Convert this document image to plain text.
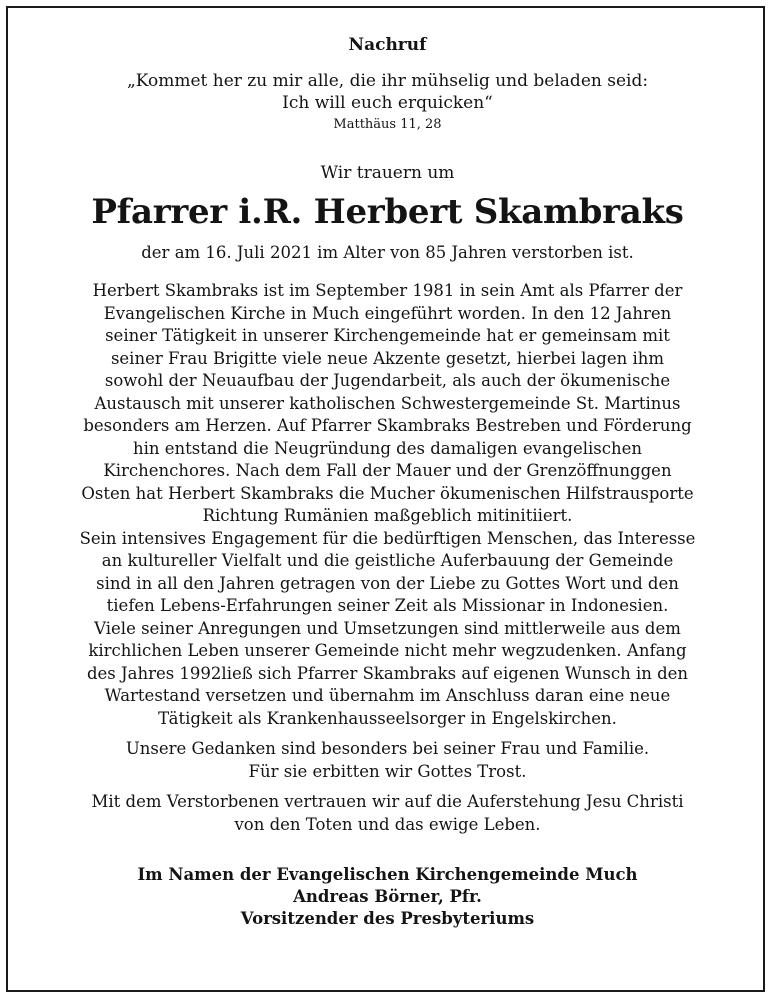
Nachruf

„Kommet her zu mir alle, die ihr mühselig und beladen seid:

Ich will euch erquicken“

Matthäus 11, 28

Wir trauern um

Pfarrer i.R. Herbert Skambraks

der am 16. Juli 2021 im Alter von 85 Jahren verstorben ist.

Herbert Skambraks ist im September 1981 in sein Amt als Pfarrer der

Evangelischen Kirche in Much eingeführt worden. In den 12 Jahren

seiner Tätigkeit in unserer Kirchengemeinde hat er gemeinsam mit

seiner Frau Brigitte viele neue Akzente gesetzt, hierbei lagen ihm

sowohl der Neuaufbau der Jugendarbeit, als auch der ökumenische

Austausch mit unserer katholischen Schwestergemeinde St. Martinus

besonders am Herzen. Auf Pfarrer Skambraks Bestreben und Förderung

hin entstand die Neugründung des damaligen evangelischen

Kirchenchores. Nach dem Fall der Mauer und der Grenzöffnunggen

Osten hat Herbert Skambraks die Mucher ökumenischen Hilfstrausporte

Richtung Rumänien maßgeblich mitinitiiert.

Sein intensives Engagement für die bedürftigen Menschen, das Interesse

an kultureller Vielfalt und die geistliche Auferbauung der Gemeinde

sind in all den Jahren getragen von der Liebe zu Gottes Wort und den

tiefen Lebens-Erfahrungen seiner Zeit als Missionar in Indonesien.

Viele seiner Anregungen und Umsetzungen sind mittlerweile aus dem

kirchlichen Leben unserer Gemeinde nicht mehr wegzudenken. Anfang

des Jahres 1992ließ sich Pfarrer Skambraks auf eigenen Wunsch in den

Wartestand versetzen und übernahm im Anschluss daran eine neue

Tätigkeit als Krankenhausseelsorger in Engelskirchen.

Unsere Gedanken sind besonders bei seiner Frau und Familie.

Für sie erbitten wir Gottes Trost.

Mit dem Verstorbenen vertrauen wir auf die Auferstehung Jesu Christi

von den Toten und das ewige Leben.

Im Namen der Evangelischen Kirchengemeinde Much

Andreas Börner, Pfr.

Vorsitzender des Presbyteriums
